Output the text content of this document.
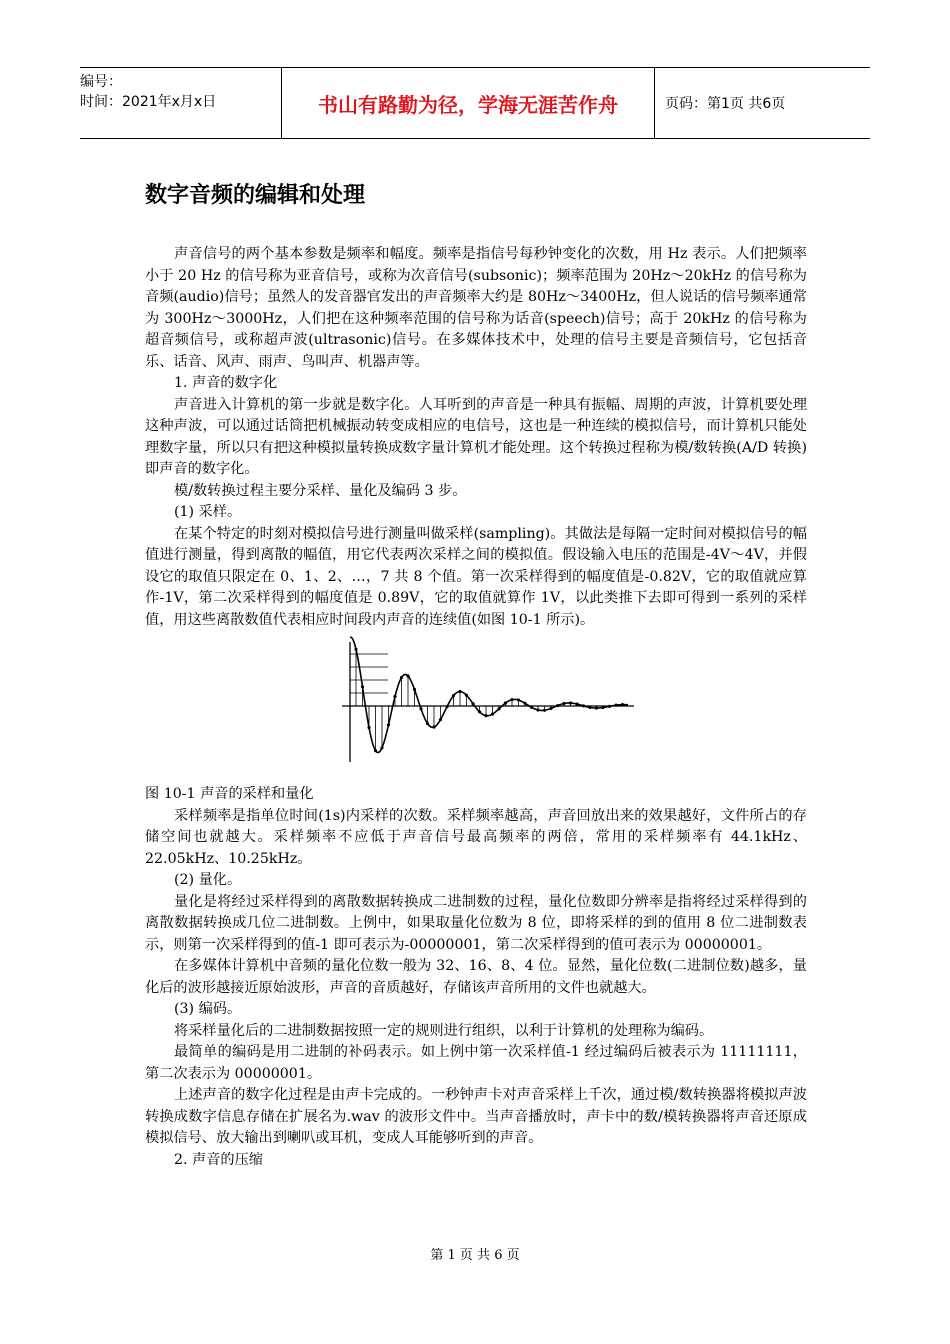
编号：
时间：2021年x月x日	书山有路勤为径，学海无涯苦作舟	页码：第1页 共6页
数字音频的编辑和处理

声音信号的两个基本参数是频率和幅度。频率是指信号每秒钟变化的次数，用 Hz 表示。人们把频率小于 20 Hz 的信号称为亚音信号，或称为次音信号(subsonic)；频率范围为 20Hz～20kHz 的信号称为音频(audio)信号；虽然人的发音器官发出的声音频率大约是 80Hz～3400Hz，但人说话的信号频率通常为 300Hz～3000Hz，人们把在这种频率范围的信号称为话音(speech)信号；高于 20kHz 的信号称为超音频信号，或称超声波(ultrasonic)信号。在多媒体技术中，处理的信号主要是音频信号，它包括音乐、话音、风声、雨声、鸟叫声、机器声等。

1. 声音的数字化

声音进入计算机的第一步就是数字化。人耳听到的声音是一种具有振幅、周期的声波，计算机要处理这种声波，可以通过话筒把机械振动转变成相应的电信号，这也是一种连续的模拟信号，而计算机只能处理数字量，所以只有把这种模拟量转换成数字量计算机才能处理。这个转换过程称为模/数转换(A/D 转换)即声音的数字化。

模/数转换过程主要分采样、量化及编码 3 步。

(1) 采样。

在某个特定的时刻对模拟信号进行测量叫做采样(sampling)。其做法是每隔一定时间对模拟信号的幅值进行测量，得到离散的幅值，用它代表两次采样之间的模拟值。假设输入电压的范围是-4V～4V，并假设它的取值只限定在 0、1、2、…，7 共 8 个值。第一次采样得到的幅度值是-0.82V，它的取值就应算作-1V，第二次采样得到的幅度值是 0.89V，它的取值就算作 1V，以此类推下去即可得到一系列的采样值，用这些离散数值代表相应时间段内声音的连续值(如图 10-1 所示)。

图 10-1 声音的采样和量化

采样频率是指单位时间(1s)内采样的次数。采样频率越高，声音回放出来的效果越好，文件所占的存储空间也就越大。采样频率不应低于声音信号最高频率的两倍，常用的采样频率有 44.1kHz、22.05kHz、10.25kHz。

(2) 量化。

量化是将经过采样得到的离散数据转换成二进制数的过程，量化位数即分辨率是指将经过采样得到的离散数据转换成几位二进制数。上例中，如果取量化位数为 8 位，即将采样的到的值用 8 位二进制数表示，则第一次采样得到的值-1 即可表示为-00000001，第二次采样得到的值可表示为 00000001。

在多媒体计算机中音频的量化位数一般为 32、16、8、4 位。显然，量化位数(二进制位数)越多，量化后的波形越接近原始波形，声音的音质越好，存储该声音所用的文件也就越大。

(3) 编码。

将采样量化后的二进制数据按照一定的规则进行组织，以利于计算机的处理称为编码。

最简单的编码是用二进制的补码表示。如上例中第一次采样值-1 经过编码后被表示为 11111111，第二次表示为 00000001。

上述声音的数字化过程是由声卡完成的。一秒钟声卡对声音采样上千次，通过模/数转换器将模拟声波转换成数字信息存储在扩展名为.wav 的波形文件中。当声音播放时，声卡中的数/模转换器将声音还原成模拟信号、放大输出到喇叭或耳机，变成人耳能够听到的声音。

2. 声音的压缩

第 1 页 共 6 页
